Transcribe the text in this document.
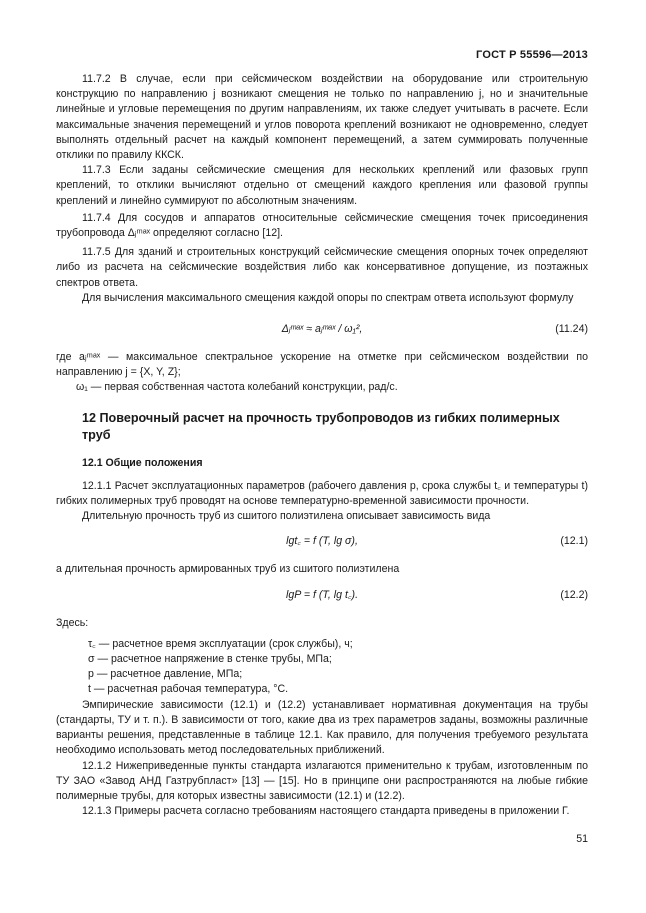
ГОСТ Р 55596—2013

11.7.2 В случае, если при сейсмическом воздействии на оборудование или строительную конструкцию по направлению j возникают смещения не только по направлению j, но и значительные линейные и угловые перемещения по другим направлениям, их также следует учитывать в расчете. Если максимальные значения перемещений и углов поворота креплений возникают не одновременно, следует выполнять отдельный расчет на каждый компонент перемещений, а затем суммировать полученные отклики по правилу ККСК.

11.7.3 Если заданы сейсмические смещения для нескольких креплений или фазовых групп креплений, то отклики вычисляют отдельно от смещений каждого крепления или фазовой группы креплений и линейно суммируют по абсолютным значениям.

11.7.4 Для сосудов и аппаратов относительные сейсмические смещения точек присоединения трубопровода Δⱼᵐᵃˣ определяют согласно [12].

11.7.5 Для зданий и строительных конструкций сейсмические смещения опорных точек определяют либо из расчета на сейсмические воздействия либо как консервативное допущение, из поэтажных спектров ответа.

Для вычисления максимального смещения каждой опоры по спектрам ответа используют формулу

Δⱼᵐᵃˣ ≈ aⱼᵐᵃˣ / ω₁²,	(11.24)

где aⱼᵐᵃˣ — максимальное спектральное ускорение на отметке при сейсмическом воздействии по направлению j = {X, Y, Z};

ω₁ — первая собственная частота колебаний конструкции, рад/с.

12 Поверочный расчет на прочность трубопроводов из гибких полимерных труб
12.1 Общие положения

12.1.1 Расчет эксплуатационных параметров (рабочего давления p, срока службы t꜀ и температуры t) гибких полимерных труб проводят на основе температурно-временной зависимости прочности.

Длительную прочность труб из сшитого полиэтилена описывает зависимость вида

lgt꜀ = f (T, lg σ),	(12.1)

а длительная прочность армированных труб из сшитого полиэтилена

lgP = f (T, lg t꜀).	(12.2)

Здесь:

τ꜀ — расчетное время эксплуатации (срок службы), ч;
σ — расчетное напряжение в стенке трубы, МПа;
p — расчетное давление, МПа;
t — расчетная рабочая температура, °С.

Эмпирические зависимости (12.1) и (12.2) устанавливает нормативная документация на трубы (стандарты, ТУ и т. п.). В зависимости от того, какие два из трех параметров заданы, возможны различные варианты решения, представленные в таблице 12.1. Как правило, для получения требуемого результата необходимо использовать метод последовательных приближений.

12.1.2 Нижеприведенные пункты стандарта излагаются применительно к трубам, изготовленным по ТУ ЗАО «Завод АНД Газтрубпласт» [13] — [15]. Но в принципе они распространяются на любые гибкие полимерные трубы, для которых известны зависимости (12.1) и (12.2).

12.1.3 Примеры расчета согласно требованиям настоящего стандарта приведены в приложении Г.

51
